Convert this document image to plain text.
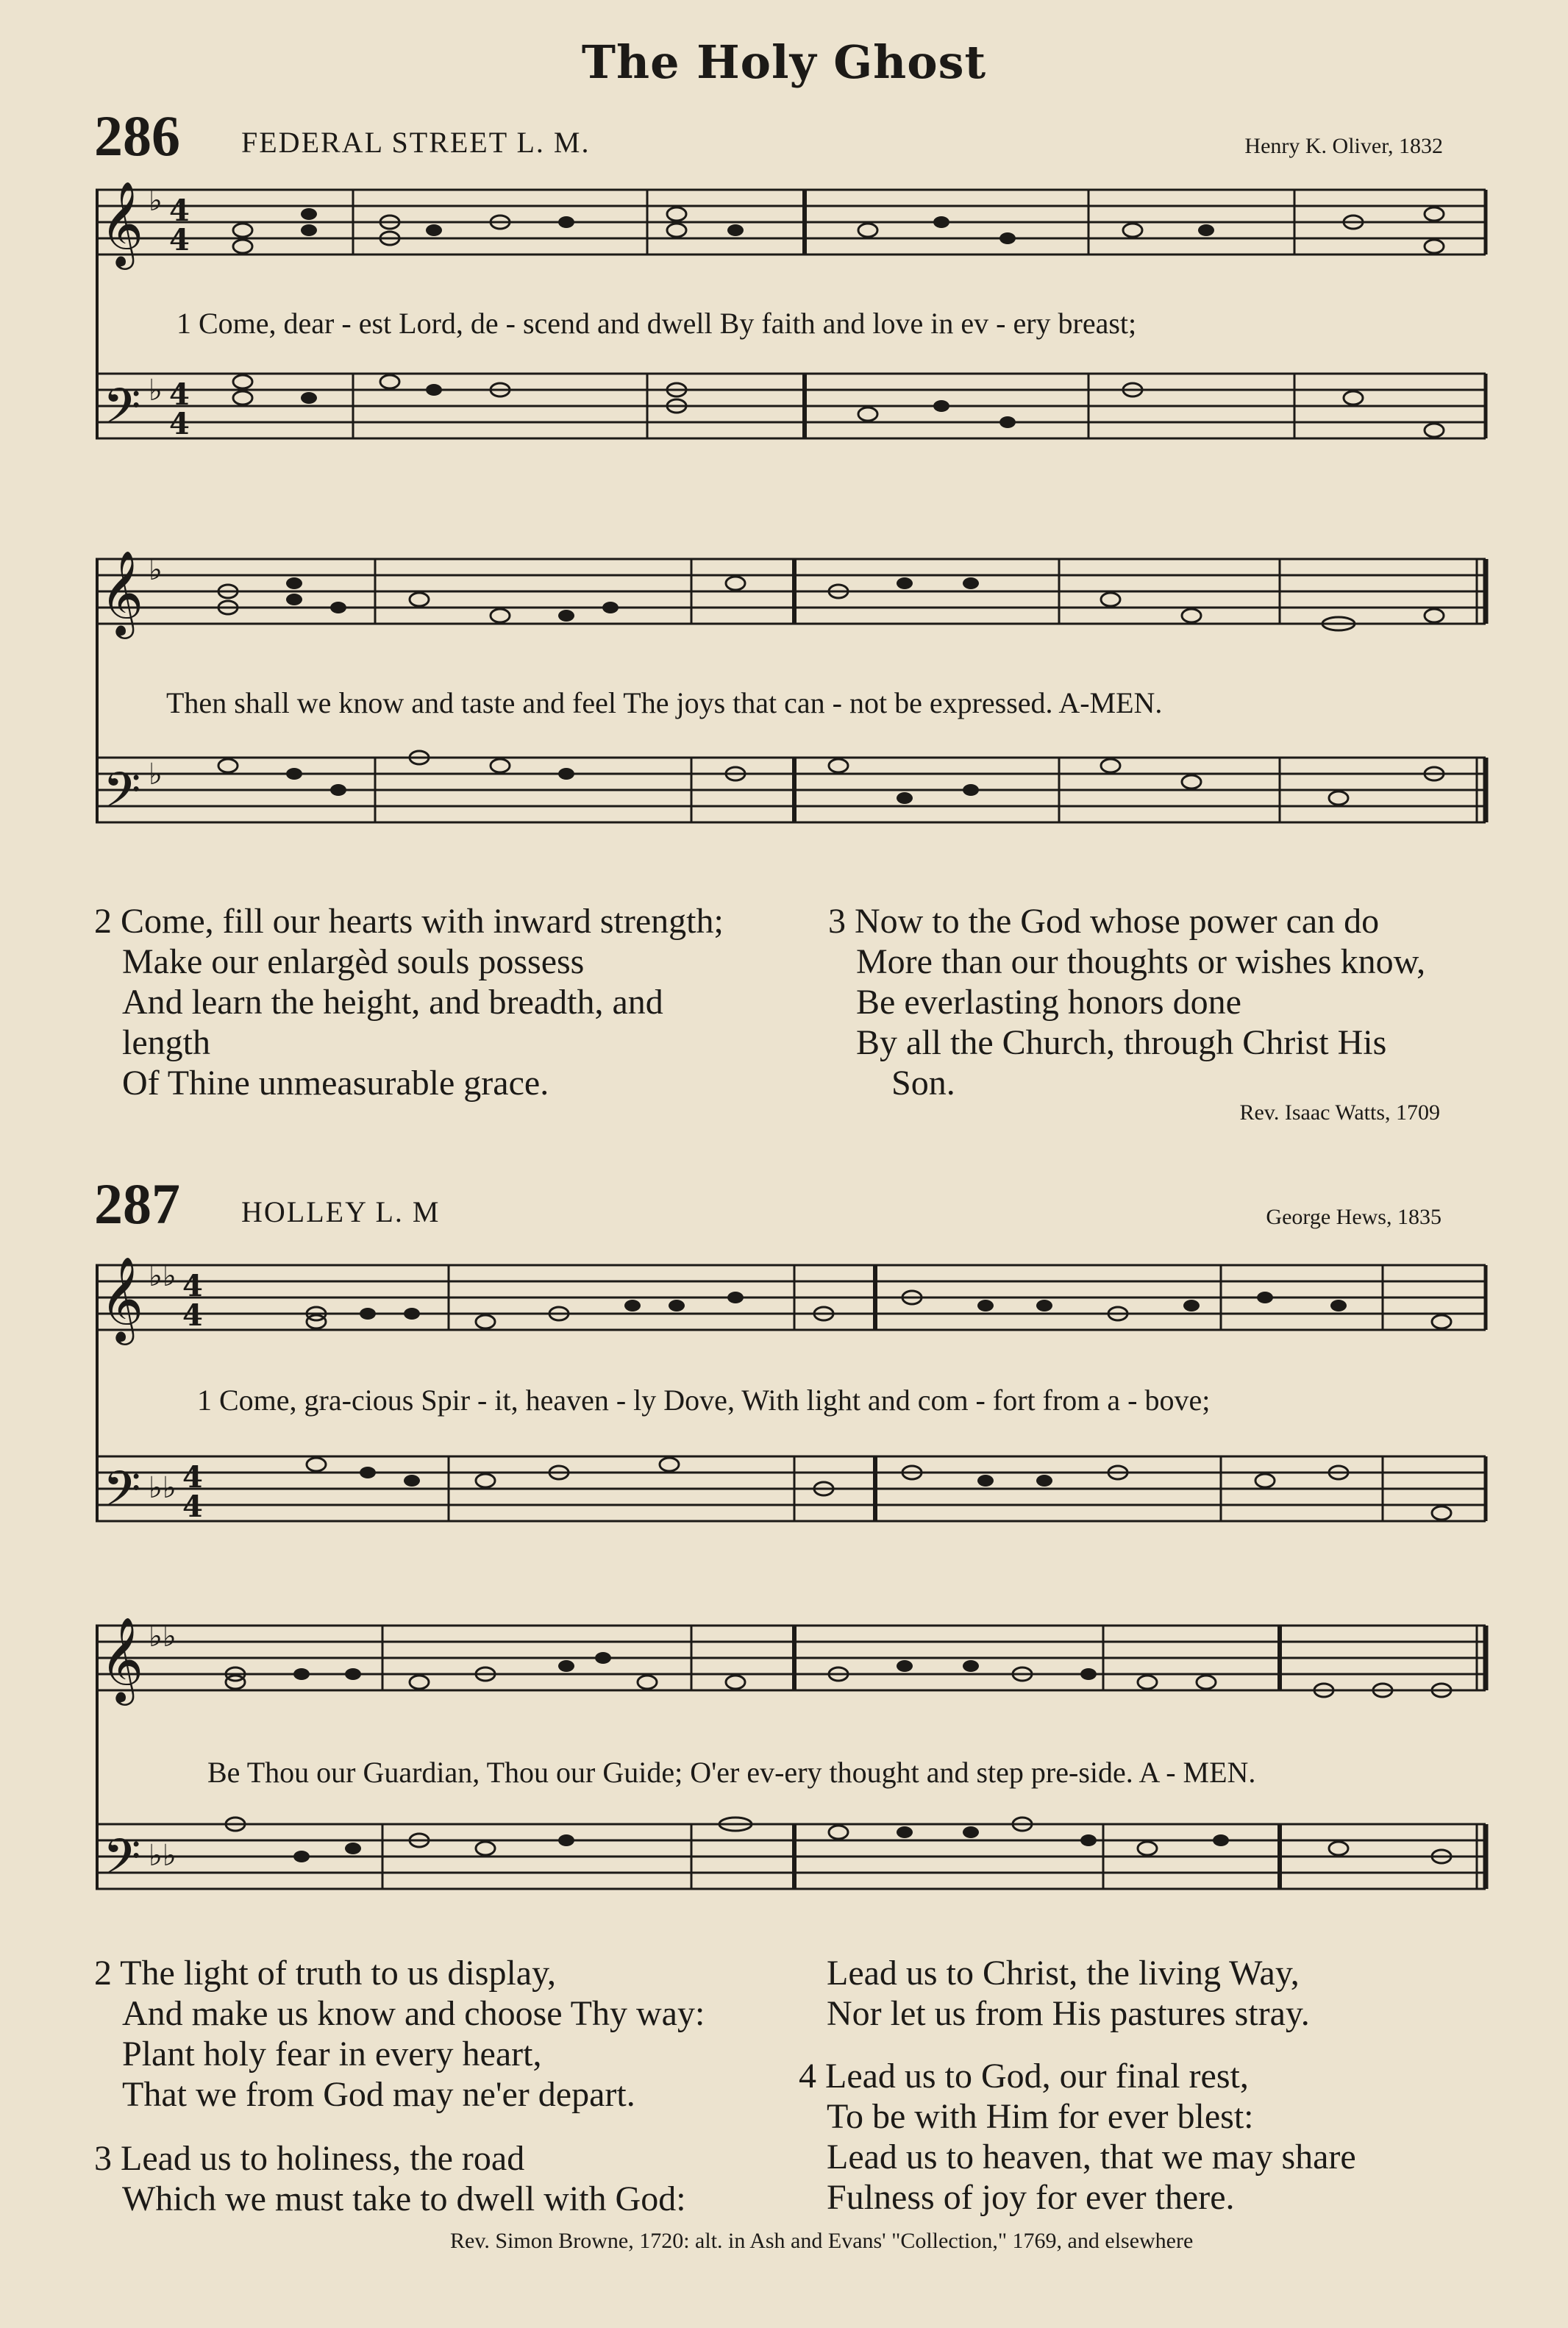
The Holy Ghost
286 FEDERAL STREET L. M.	Henry K. Oliver, 1832
𝄞
𝄢
♭
♭
4
4
4
4
1 Come, dear - est Lord, de - scend and dwell By faith and love in ev - ery breast;
𝄞
𝄢
♭
♭
Then shall we know and taste and feel The joys that can - not be expressed. A-MEN.
2 Come, fill our hearts with inward strength;
Make our enlargèd souls possess
And learn the height, and breadth, and
length
Of Thine unmeasurable grace.
3 Now to the God whose power can do
More than our thoughts or wishes know,
Be everlasting honors done
By all the Church, through Christ His
Son.
Rev. Isaac Watts, 1709
287 HOLLEY L. M	George Hews, 1835
𝄞
𝄢
♭♭
♭♭
4
4
4
4
1 Come, gra-cious Spir - it, heaven - ly Dove, With light and com - fort from a - bove;
𝄞
𝄢
♭♭
♭♭
Be Thou our Guardian, Thou our Guide; O'er ev-ery thought and step pre-side. A - MEN.
2 The light of truth to us display,
And make us know and choose Thy way:
Plant holy fear in every heart,
That we from God may ne'er depart.
3 Lead us to holiness, the road
Which we must take to dwell with God:
Lead us to Christ, the living Way,
Nor let us from His pastures stray.
4 Lead us to God, our final rest,
To be with Him for ever blest:
Lead us to heaven, that we may share
Fulness of joy for ever there.
Rev. Simon Browne, 1720: alt. in Ash and Evans' "Collection," 1769, and elsewhere
